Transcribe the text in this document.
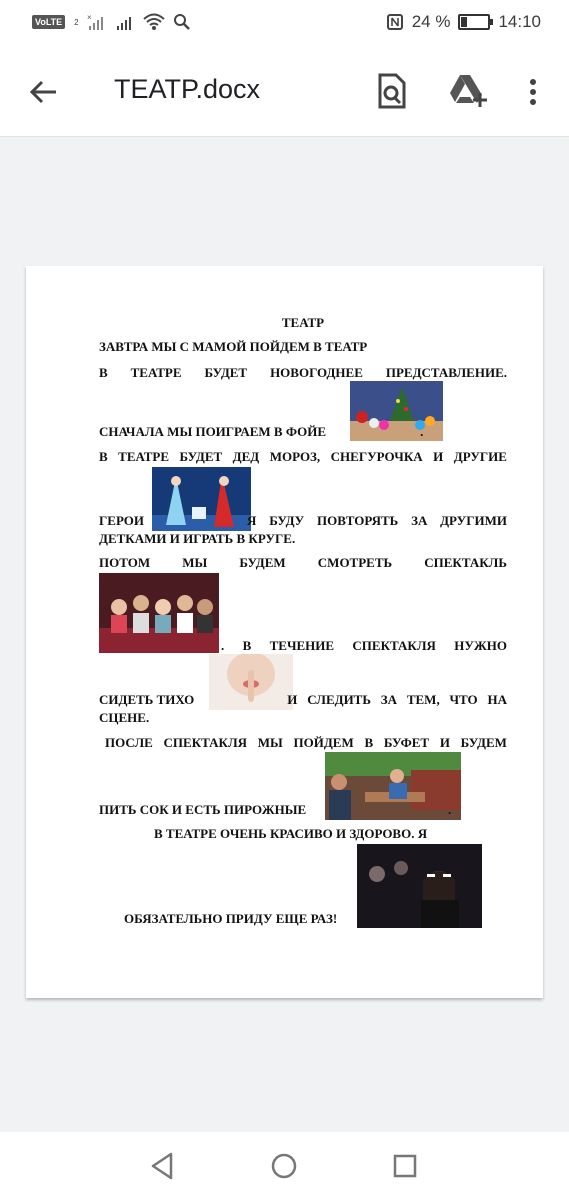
VoLTE	2 ×	24 %	14:10
TEATP.docx
ТЕАТР
ЗАВТРА МЫ С МАМОЙ ПОЙДЕМ В ТЕАТР
В ТЕАТРЕ БУДЕТ НОВОГОДНЕЕ ПРЕДСТАВЛЕНИЕ.
СНАЧАЛА МЫ ПОИГРАЕМ В ФОЙЕ	.
В ТЕАТРЕ БУДЕТ ДЕД МОРОЗ, СНЕГУРОЧКА И ДРУГИЕ
ГЕРОИ	Я БУДУ ПОВТОРЯТЬ ЗА ДРУГИМИ
ДЕТКАМИ И ИГРАТЬ В КРУГЕ.
ПОТОМ МЫ БУДЕМ СМОТРЕТЬ СПЕКТАКЛЬ
. В ТЕЧЕНИЕ СПЕКТАКЛЯ НУЖНО
СИДЕТЬ ТИХО	И СЛЕДИТЬ ЗА ТЕМ, ЧТО НА
СЦЕНЕ.
ПОСЛЕ СПЕКТАКЛЯ МЫ ПОЙДЕМ В БУФЕТ И БУДЕМ
ПИТЬ СОК И ЕСТЬ ПИРОЖНЫЕ	.
В ТЕАТРЕ ОЧЕНЬ КРАСИВО И ЗДОРОВО. Я
ОБЯЗАТЕЛЬНО ПРИДУ ЕЩЕ РАЗ!
